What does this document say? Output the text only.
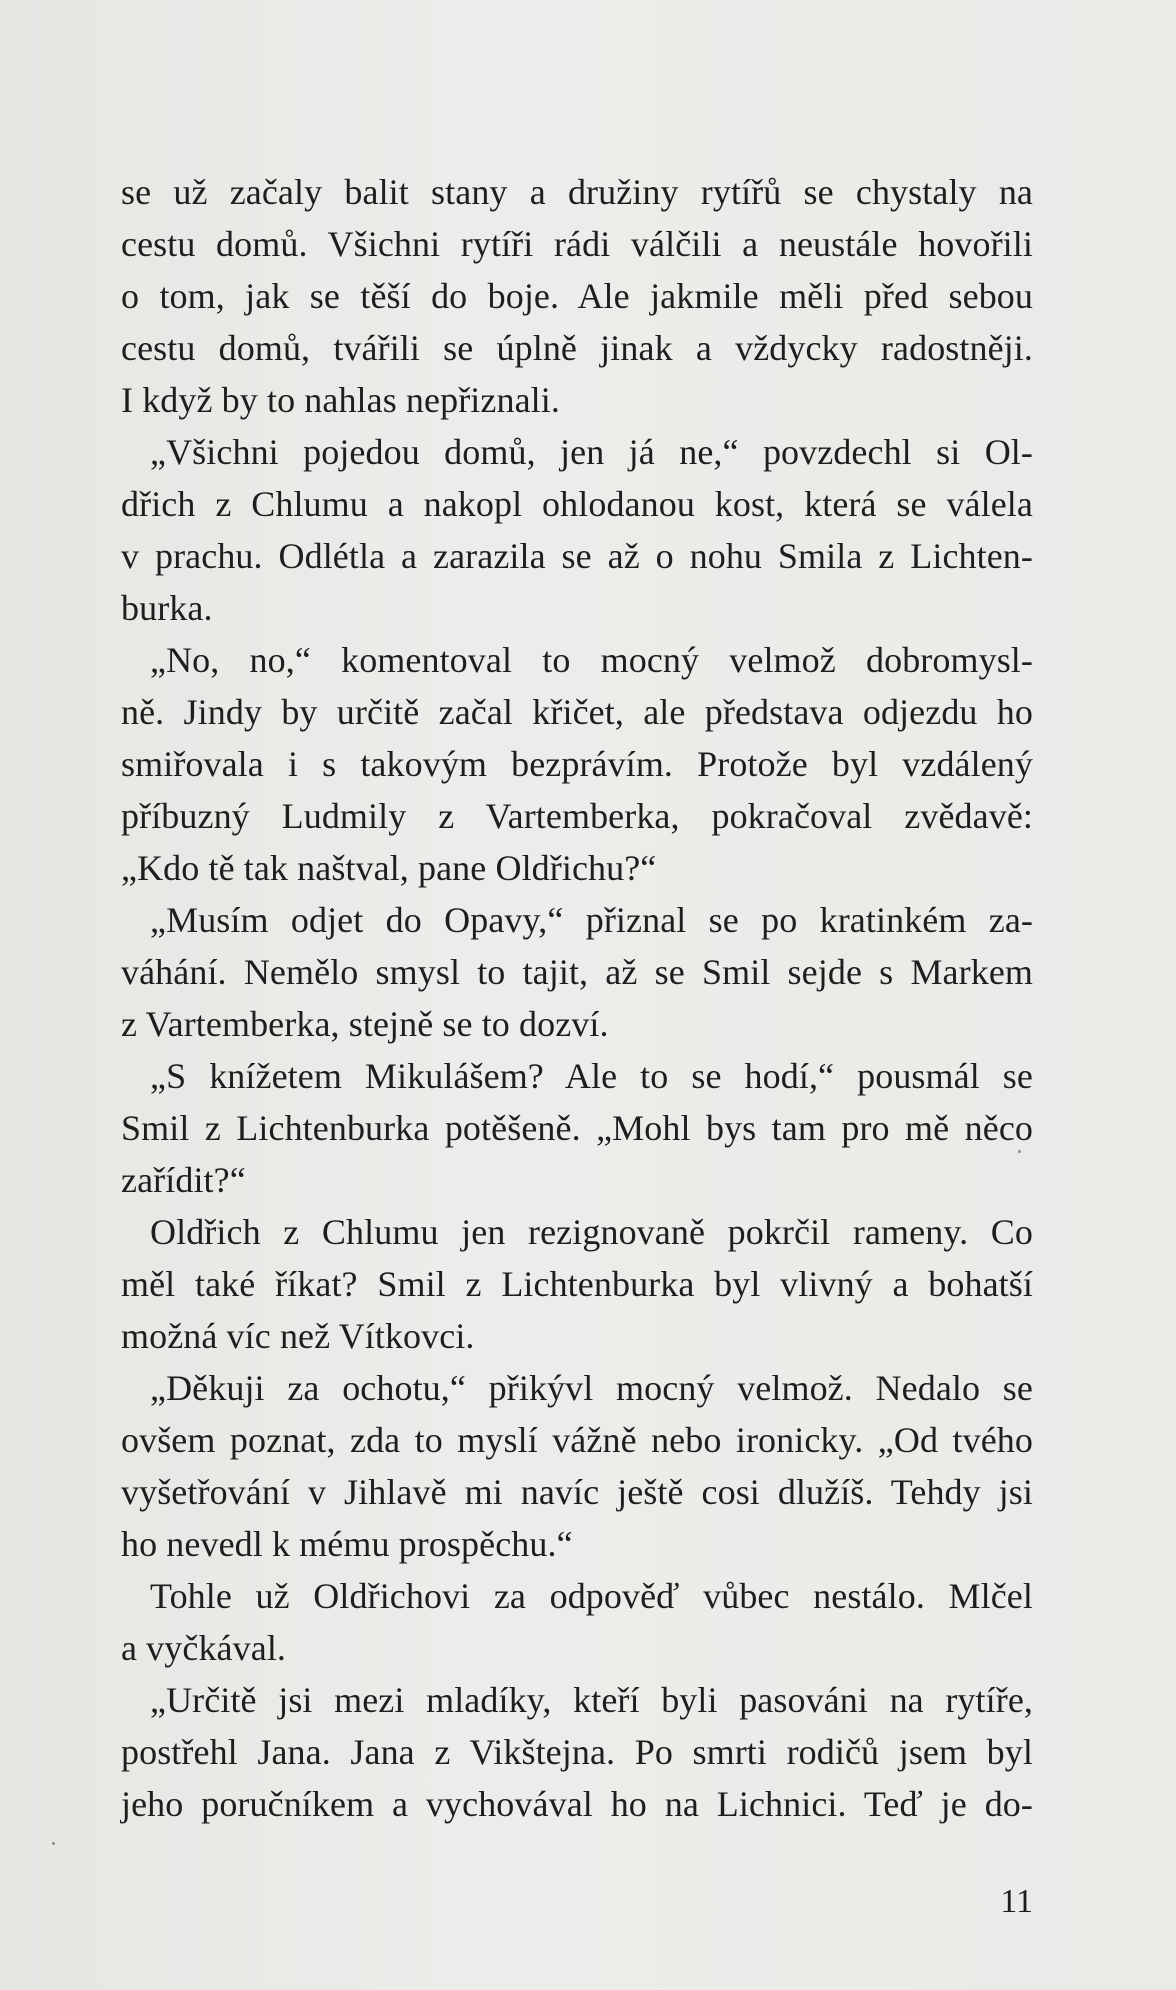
se už začaly balit stany a družiny rytířů se chystaly na

cestu domů. Všichni rytíři rádi válčili a neustále hovořili

o tom, jak se těší do boje. Ale jakmile měli před sebou

cestu domů, tvářili se úplně jinak a vždycky radostněji.

I když by to nahlas nepřiznali.

„Všichni pojedou domů, jen já ne,“ povzdechl si Ol-

dřich z Chlumu a nakopl ohlodanou kost, která se válela

v prachu. Odlétla a zarazila se až o nohu Smila z Lichten-

burka.

„No, no,“ komentoval to mocný velmož dobromysl-

ně. Jindy by určitě začal křičet, ale představa odjezdu ho

smiřovala i s takovým bezprávím. Protože byl vzdálený

příbuzný Ludmily z Vartemberka, pokračoval zvědavě:

„Kdo tě tak naštval, pane Oldřichu?“

„Musím odjet do Opavy,“ přiznal se po kratinkém za-

váhání. Nemělo smysl to tajit, až se Smil sejde s Markem

z Vartemberka, stejně se to dozví.

„S knížetem Mikulášem? Ale to se hodí,“ pousmál se

Smil z Lichtenburka potěšeně. „Mohl bys tam pro mě něco

zařídit?“

Oldřich z Chlumu jen rezignovaně pokrčil rameny. Co

měl také říkat? Smil z Lichtenburka byl vlivný a bohatší

možná víc než Vítkovci.

„Děkuji za ochotu,“ přikývl mocný velmož. Nedalo se

ovšem poznat, zda to myslí vážně nebo ironicky. „Od tvého

vyšetřování v Jihlavě mi navíc ještě cosi dlužíš. Tehdy jsi

ho nevedl k mému prospěchu.“

Tohle už Oldřichovi za odpověď vůbec nestálo. Mlčel

a vyčkával.

„Určitě jsi mezi mladíky, kteří byli pasováni na rytíře,

postřehl Jana. Jana z Vikštejna. Po smrti rodičů jsem byl

jeho poručníkem a vychovával ho na Lichnici. Teď je do-

11
